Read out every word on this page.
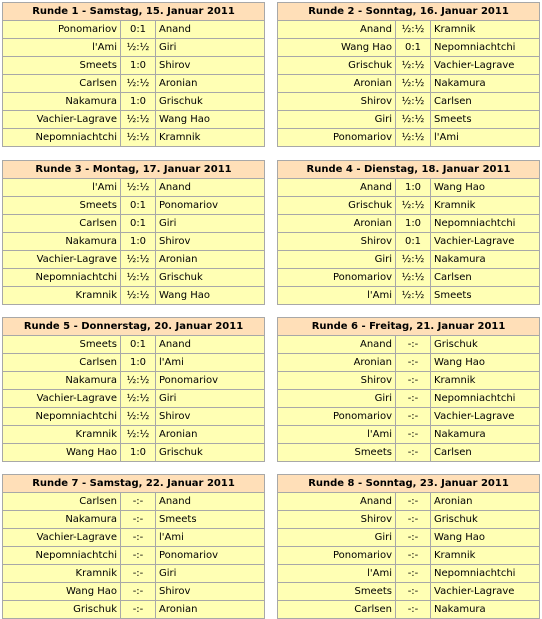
Runde 1 - Samstag, 15. Januar 2011		
Ponomariov	0:1	Anand
l'Ami	½:½	Giri
Smeets	1:0	Shirov
Carlsen	½:½	Aronian
Nakamura	1:0	Grischuk
Vachier-Lagrave	½:½	Wang Hao
Nepomniachtchi	½:½	Kramnik
Runde 2 - Sonntag, 16. Januar 2011		
Anand	½:½	Kramnik
Wang Hao	0:1	Nepomniachtchi
Grischuk	½:½	Vachier-Lagrave
Aronian	½:½	Nakamura
Shirov	½:½	Carlsen
Giri	½:½	Smeets
Ponomariov	½:½	l'Ami
Runde 3 - Montag, 17. Januar 2011		
l'Ami	½:½	Anand
Smeets	0:1	Ponomariov
Carlsen	0:1	Giri
Nakamura	1:0	Shirov
Vachier-Lagrave	½:½	Aronian
Nepomniachtchi	½:½	Grischuk
Kramnik	½:½	Wang Hao
Runde 4 - Dienstag, 18. Januar 2011		
Anand	1:0	Wang Hao
Grischuk	½:½	Kramnik
Aronian	1:0	Nepomniachtchi
Shirov	0:1	Vachier-Lagrave
Giri	½:½	Nakamura
Ponomariov	½:½	Carlsen
l'Ami	½:½	Smeets
Runde 5 - Donnerstag, 20. Januar 2011		
Smeets	0:1	Anand
Carlsen	1:0	l'Ami
Nakamura	½:½	Ponomariov
Vachier-Lagrave	½:½	Giri
Nepomniachtchi	½:½	Shirov
Kramnik	½:½	Aronian
Wang Hao	1:0	Grischuk
Runde 6 - Freitag, 21. Januar 2011		
Anand	-:-	Grischuk
Aronian	-:-	Wang Hao
Shirov	-:-	Kramnik
Giri	-:-	Nepomniachtchi
Ponomariov	-:-	Vachier-Lagrave
l'Ami	-:-	Nakamura
Smeets	-:-	Carlsen
Runde 7 - Samstag, 22. Januar 2011		
Carlsen	-:-	Anand
Nakamura	-:-	Smeets
Vachier-Lagrave	-:-	l'Ami
Nepomniachtchi	-:-	Ponomariov
Kramnik	-:-	Giri
Wang Hao	-:-	Shirov
Grischuk	-:-	Aronian
Runde 8 - Sonntag, 23. Januar 2011		
Anand	-:-	Aronian
Shirov	-:-	Grischuk
Giri	-:-	Wang Hao
Ponomariov	-:-	Kramnik
l'Ami	-:-	Nepomniachtchi
Smeets	-:-	Vachier-Lagrave
Carlsen	-:-	Nakamura
